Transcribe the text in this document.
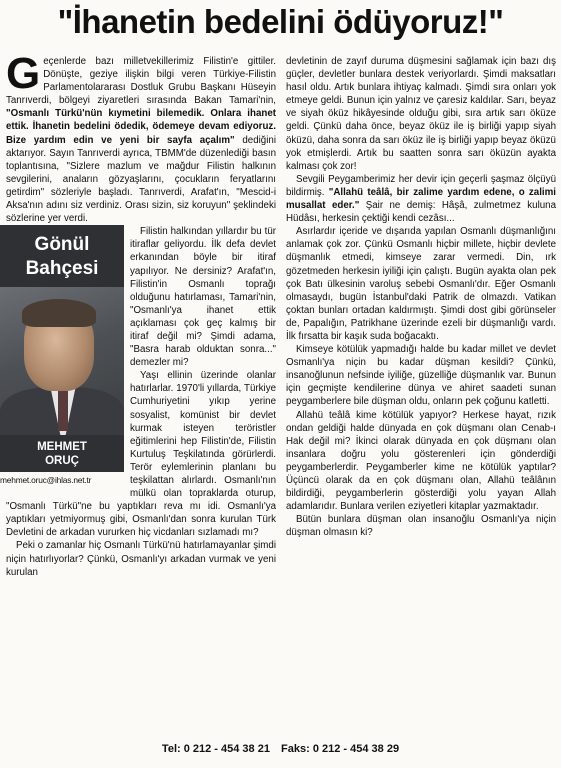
"İhanetin bedelini ödüyoruz!"

Geçenlerde bazı milletvekillerimiz Filistin'e gittiler. Dönüşte, geziye ilişkin bilgi veren Türkiye-Filistin Parlamentolararası Dostluk Grubu Başkanı Hüseyin Tanrıverdi, bölgeyi ziyaretleri sırasında Bakan Tamari'nin, "Osmanlı Türkü'nün kıymetini bilemedik. Onlara ihanet ettik. İhanetin bedelini ödedik, ödemeye devam ediyoruz. Bize yardım edin ve yeni bir sayfa açalım" dediğini aktarıyor. Sayın Tanrıverdi ayrıca, TBMM'de düzenlediği basın toplantısına, "Sizlere mazlum ve mağdur Filistin halkının sevgilerini, anaların gözyaşlarını, çocukların feryatlarını getirdim" sözleriyle başladı. Tanrıverdi, Arafat'ın, "Mescid-i Aksa'nın adını siz verdiniz. Orası sizin, siz koruyun" şeklindeki sözlerine yer verdi.

Gönül
Bahçesi
MEHMET
ORUÇ
mehmet.oruc@ihlas.net.tr

Filistin halkından yıllardır bu tür itiraflar geliyordu. İlk defa devlet erkanından böyle bir itiraf yapılıyor. Ne dersiniz? Arafat'ın, Filistin'in Osmanlı toprağı olduğunu hatırlaması, Tamari'nin, "Osmanlı'ya ihanet ettik açıklaması çok geç kalmış bir itiraf değil mi? Şimdi adama, "Basra harab olduktan sonra..." demezler mi?

Yaşı ellinin üzerinde olanlar hatırlarlar. 1970'li yıllarda, Türkiye Cumhuriyetini yıkıp yerine sosyalist, komünist bir devlet kurmak isteyen teröristler eğitimlerini hep Filistin'de, Filistin Kurtuluş Teşkilatında görürlerdi. Terör eylemlerinin planlanı bu teşkilattan alırlardı. Osmanlı'nın mülkü olan topraklarda oturup, "Osmanlı Türkü"ne bu yaptıkları reva mı idi. Osmanlı'ya yaptıkları yetmiyormuş gibi, Osmanlı'dan sonra kurulan Türk Devletini de arkadan vururken hiç vicdanları sızlamadı mı?

Peki o zamanlar hiç Osmanlı Türkü'nü hatırlamayanlar şimdi niçin hatırlıyorlar? Çünkü, Osmanlı'yı arkadan vurmak ve yeni kurulan

devletinin de zayıf duruma düşmesini sağlamak için bazı dış güçler, devletler bunlara destek veriyorlardı. Şimdi maksatları hasıl oldu. Artık bunlara ihtiyaç kalmadı. Şimdi sıra onları yok etmeye geldi. Bunun için yalnız ve çaresiz kaldılar. Sarı, beyaz ve siyah öküz hikâyesinde olduğu gibi, sıra artık sarı öküze geldi. Çünkü daha önce, beyaz öküz ile iş birliği yapıp siyah öküzü, daha sonra da sarı öküz ile iş birliği yapıp beyaz öküzü yok etmişlerdi. Artık bu saatten sonra sarı öküzün ayakta kalması çok zor!

Sevgili Peygamberimiz her devir için geçerli şaşmaz ölçüyü bildirmiş. "Allahü teâlâ, bir zalime yardım edene, o zalimi musallat eder." Şair ne demiş: Hâşâ, zulmetmez kuluna Hüdâsı, herkesin çektiği kendi cezâsı...

Asırlardır içeride ve dışarıda yapılan Osmanlı düşmanlığını anlamak çok zor. Çünkü Osmanlı hiçbir millete, hiçbir devlete düşmanlık etmedi, kimseye zarar vermedi. Din, ırk gözetmeden herkesin iyiliği için çalıştı. Bugün ayakta olan pek çok Batı ülkesinin varoluş sebebi Osmanlı'dır. Eğer Osmanlı olmasaydı, bugün İstanbul'daki Patrik de olmazdı. Vatikan çoktan bunları ortadan kaldırmıştı. Şimdi dost gibi görünseler de, Papalığın, Patrikhane üzerinde ezeli bir düşmanlığı vardı. İlk fırsatta bir kaşık suda boğacaktı.

Kimseye kötülük yapmadığı halde bu kadar millet ve devlet Osmanlı'ya niçin bu kadar düşman kesildi? Çünkü, insanoğlunun nefsinde iyiliğe, güzelliğe düşmanlık var. Bunun için geçmişte kendilerine dünya ve ahiret saadeti sunan peygamberlere bile düşman oldu, onların pek çoğunu katletti.

Allahü teâlâ kime kötülük yapıyor? Herkese hayat, rızık ondan geldiği halde dünyada en çok düşmanı olan Cenab-ı Hak değil mi? İkinci olarak dünyada en çok düşmanı olan insanlara doğru yolu gösterenleri için gönderdiği peygamberlerdir. Peygamberler kime ne kötülük yaptılar? Üçüncü olarak da en çok düşmanı olan, Allahü teâlânın bildirdiği, peygamberlerin gösterdiği yolu yayan Allah adamlarıdır. Bunlara verilen eziyetleri kitaplar yazmaktadır.

Bütün bunlara düşman olan insanoğlu Osmanlı'ya niçin düşman olmasın ki?

Tel: 0 212 - 454 38 21 Faks: 0 212 - 454 38 29
